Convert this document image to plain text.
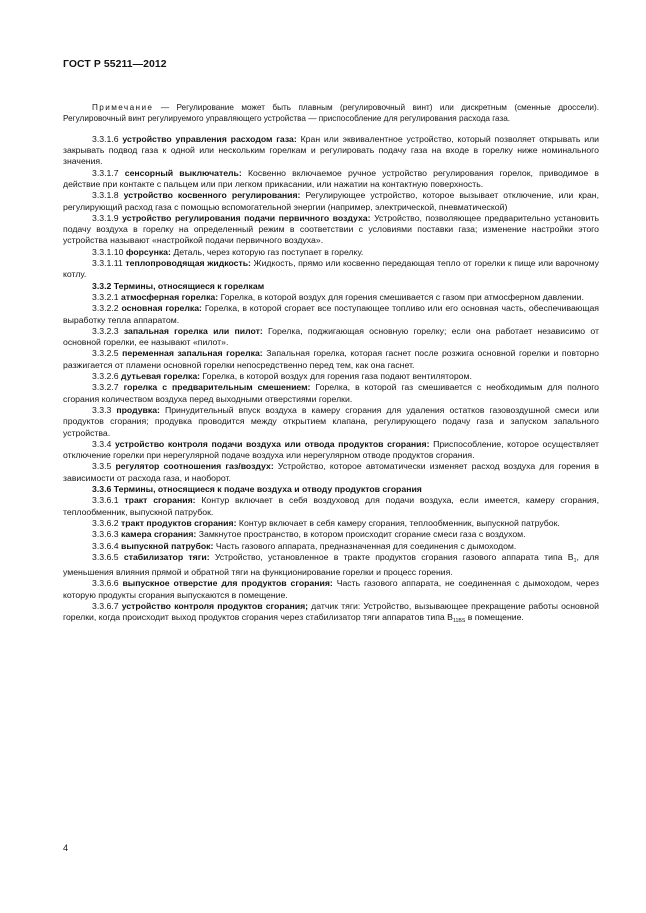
ГОСТ Р 55211—2012

Примечание — Регулирование может быть плавным (регулировочный винт) или дискретным (сменные дроссели). Регулировочный винт регулируемого управляющего устройства — приспособление для регулирования расхода газа.

3.3.1.6 устройство управления расходом газа: Кран или эквивалентное устройство, который позволяет открывать или закрывать подвод газа к одной или нескольким горелкам и регулировать подачу газа на входе в горелку ниже номинального значения.

3.3.1.7 сенсорный выключатель: Косвенно включаемое ручное устройство регулирования горелок, приводимое в действие при контакте с пальцем или при легком прикасании, или нажатии на контактную поверхность.

3.3.1.8 устройство косвенного регулирования: Регулирующее устройство, которое вызывает отключение, или кран, регулирующий расход газа с помощью вспомогательной энергии (например, электрической, пневматической)

3.3.1.9 устройство регулирования подачи первичного воздуха: Устройство, позволяющее предварительно установить подачу воздуха в горелку на определенный режим в соответствии с условиями поставки газа; изменение настройки этого устройства называют «настройкой подачи первичного воздуха».

3.3.1.10 форсунка: Деталь, через которую газ поступает в горелку.

3.3.1.11 теплопроводящая жидкость: Жидкость, прямо или косвенно передающая тепло от горелки к пище или варочному котлу.

3.3.2 Термины, относящиеся к горелкам

3.3.2.1 атмосферная горелка: Горелка, в которой воздух для горения смешивается с газом при атмосферном давлении.

3.3.2.2 основная горелка: Горелка, в которой сгорает все поступающее топливо или его основная часть, обеспечивающая выработку тепла аппаратом.

3.3.2.3 запальная горелка или пилот: Горелка, поджигающая основную горелку; если она работает независимо от основной горелки, ее называют «пилот».

3.3.2.5 переменная запальная горелка: Запальная горелка, которая гаснет после розжига основной горелки и повторно разжигается от пламени основной горелки непосредственно перед тем, как она гаснет.

3.3.2.6 дутьевая горелка: Горелка, в которой воздух для горения газа подают вентилятором.

3.3.2.7 горелка с предварительным смешением: Горелка, в которой газ смешивается с необходимым для полного сгорания количеством воздуха перед выходными отверстиями горелки.

3.3.3 продувка: Принудительный впуск воздуха в камеру сгорания для удаления остатков газовоздушной смеси или продуктов сгорания; продувка проводится между открытием клапана, регулирующего подачу газа и запуском запального устройства.

3.3.4 устройство контроля подачи воздуха или отвода продуктов сгорания: Приспособление, которое осуществляет отключение горелки при нерегулярной подаче воздуха или нерегулярном отводе продуктов сгорания.

3.3.5 регулятор соотношения газ/воздух: Устройство, которое автоматически изменяет расход воздуха для горения в зависимости от расхода газа, и наоборот.

3.3.6 Термины, относящиеся к подаче воздуха и отводу продуктов сгорания

3.3.6.1 тракт сгорания: Контур включает в себя воздуховод для подачи воздуха, если имеется, камеру сгорания, теплообменник, выпускной патрубок.

3.3.6.2 тракт продуктов сгорания: Контур включает в себя камеру сгорания, теплообменник, выпускной патрубок.

3.3.6.3 камера сгорания: Замкнутое пространство, в котором происходит сгорание смеси газа с воздухом.

3.3.6.4 выпускной патрубок: Часть газового аппарата, предназначенная для соединения с дымоходом.

3.3.6.5 стабилизатор тяги: Устройство, установленное в тракте продуктов сгорания газового аппарата типа $В_1$, для уменьшения влияния прямой и обратной тяги на функционирование горелки и процесс горения.

3.3.6.6 выпускное отверстие для продуктов сгорания: Часть газового аппарата, не соединенная с дымоходом, через которую продукты сгорания выпускаются в помещение.

3.3.6.7 устройство контроля продуктов сгорания; датчик тяги: Устройство, вызывающее прекращение работы основной горелки, когда происходит выход продуктов сгорания через стабилизатор тяги аппаратов типа $В_{11BS}$ в помещение.

4
